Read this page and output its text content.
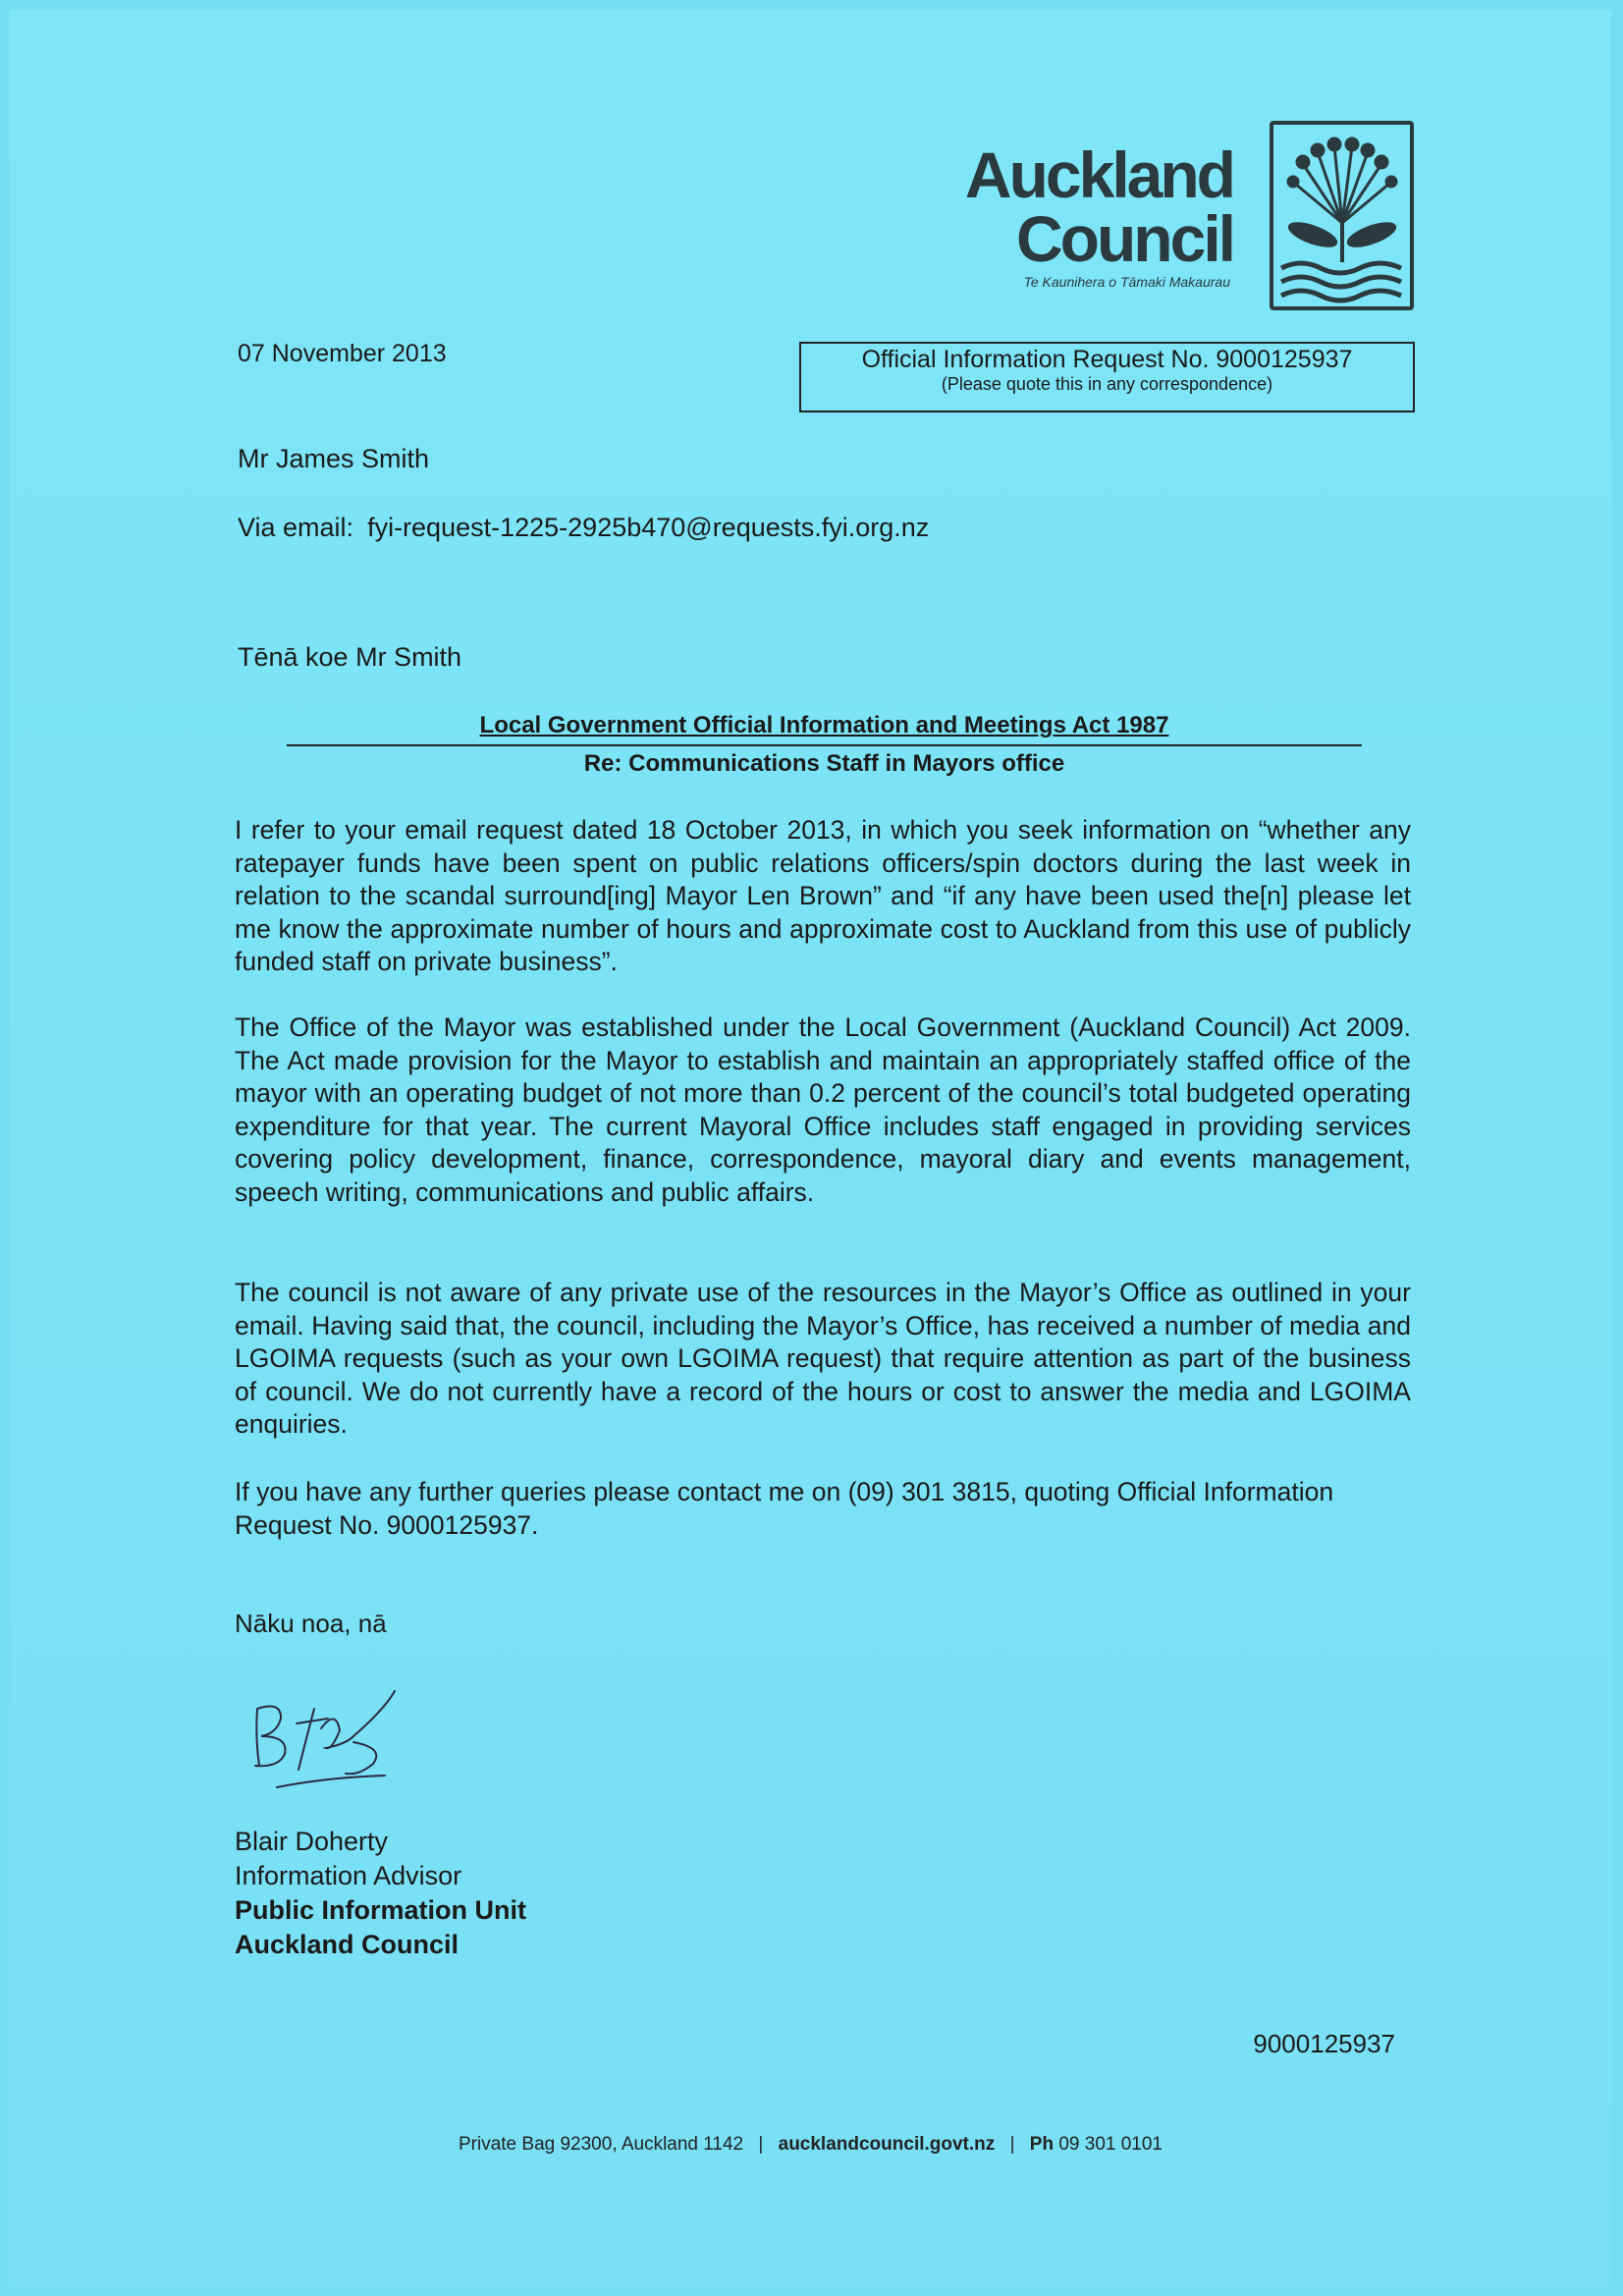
Auckland
Council
Te Kaunihera o Tāmaki Makaurau
07 November 2013	Official Information Request No. 9000125937
(Please quote this in any correspondence)
Mr James Smith
Via email: fyi-request-1225-2925b470@requests.fyi.org.nz
Tēnā koe Mr Smith
Local Government Official Information and Meetings Act 1987
Re: Communications Staff in Mayors office
I refer to your email request dated 18 October 2013, in which you seek information on “whether any ratepayer funds have been spent on public relations officers/spin doctors during the last week in relation to the scandal surround[ing] Mayor Len Brown” and “if any have been used the[n] please let me know the approximate number of hours and approximate cost to Auckland from this use of publicly funded staff on private business”.
The Office of the Mayor was established under the Local Government (Auckland Council) Act 2009. The Act made provision for the Mayor to establish and maintain an appropriately staffed office of the mayor with an operating budget of not more than 0.2 percent of the council’s total budgeted operating expenditure for that year. The current Mayoral Office includes staff engaged in providing services covering policy development, finance, correspondence, mayoral diary and events management, speech writing, communications and public affairs.
The council is not aware of any private use of the resources in the Mayor’s Office as outlined in your email. Having said that, the council, including the Mayor’s Office, has received a number of media and LGOIMA requests (such as your own LGOIMA request) that require attention as part of the business of council. We do not currently have a record of the hours or cost to answer the media and LGOIMA enquiries.
If you have any further queries please contact me on (09) 301 3815, quoting Official Information Request No. 9000125937.
Nāku noa, nā
Blair Doherty
Information Advisor
Public Information Unit
Auckland Council
9000125937
Private Bag 92300, Auckland 1142 | aucklandcouncil.govt.nz | Ph 09 301 0101
